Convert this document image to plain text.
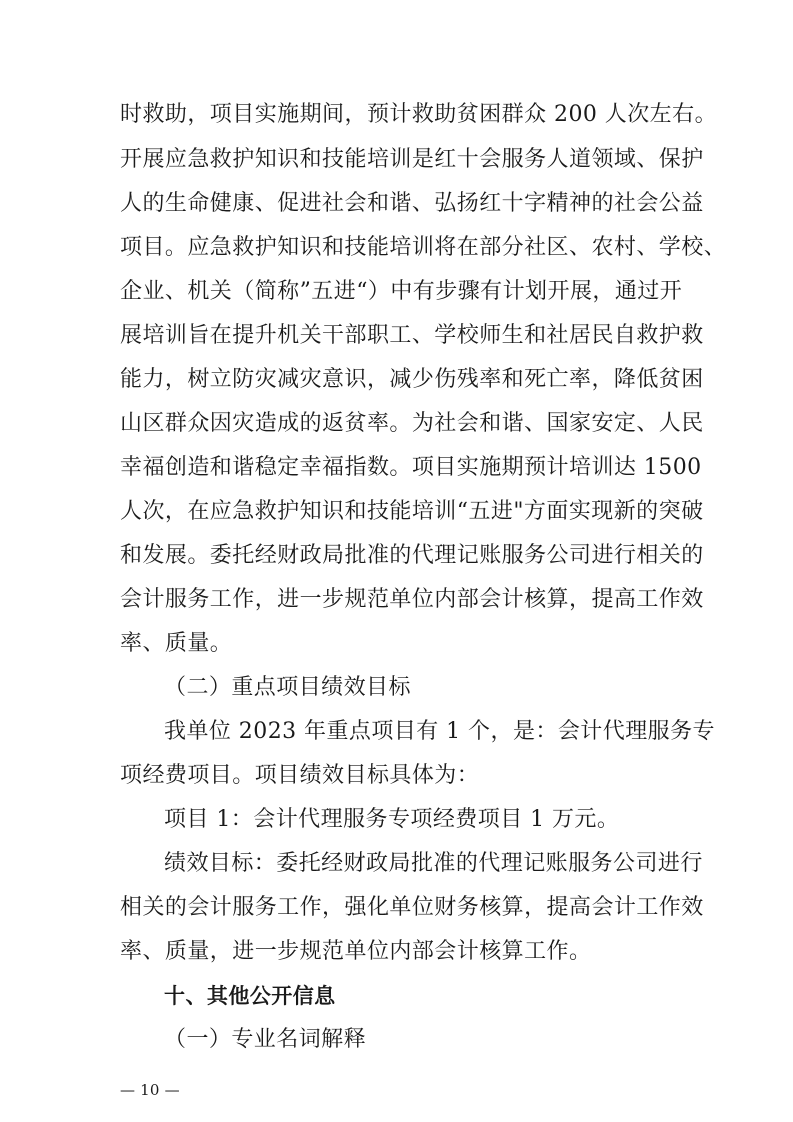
时救助，项目实施期间，预计救助贫困群众 200 人次左右。
开展应急救护知识和技能培训是红十会服务人道领域、保护
人的生命健康、促进社会和谐、弘扬红十字精神的社会公益
项目。应急救护知识和技能培训将在部分社区、农村、学校、
企业、机关（简称”五进“）中有步骤有计划开展，通过开
展培训旨在提升机关干部职工、学校师生和社居民自救护救
能力，树立防灾减灾意识，减少伤残率和死亡率，降低贫困
山区群众因灾造成的返贫率。为社会和谐、国家安定、人民
幸福创造和谐稳定幸福指数。项目实施期预计培训达 1500
人次，在应急救护知识和技能培训“五进"方面实现新的突破
和发展。委托经财政局批准的代理记账服务公司进行相关的
会计服务工作，进一步规范单位内部会计核算，提高工作效
率、质量。
（二）重点项目绩效目标
我单位 2023 年重点项目有 1 个，是：会计代理服务专
项经费项目。项目绩效目标具体为：
项目 1：会计代理服务专项经费项目 1 万元。
绩效目标：委托经财政局批准的代理记账服务公司进行
相关的会计服务工作，强化单位财务核算，提高会计工作效
率、质量，进一步规范单位内部会计核算工作。
十、其他公开信息
（一）专业名词解释
— 10 —
